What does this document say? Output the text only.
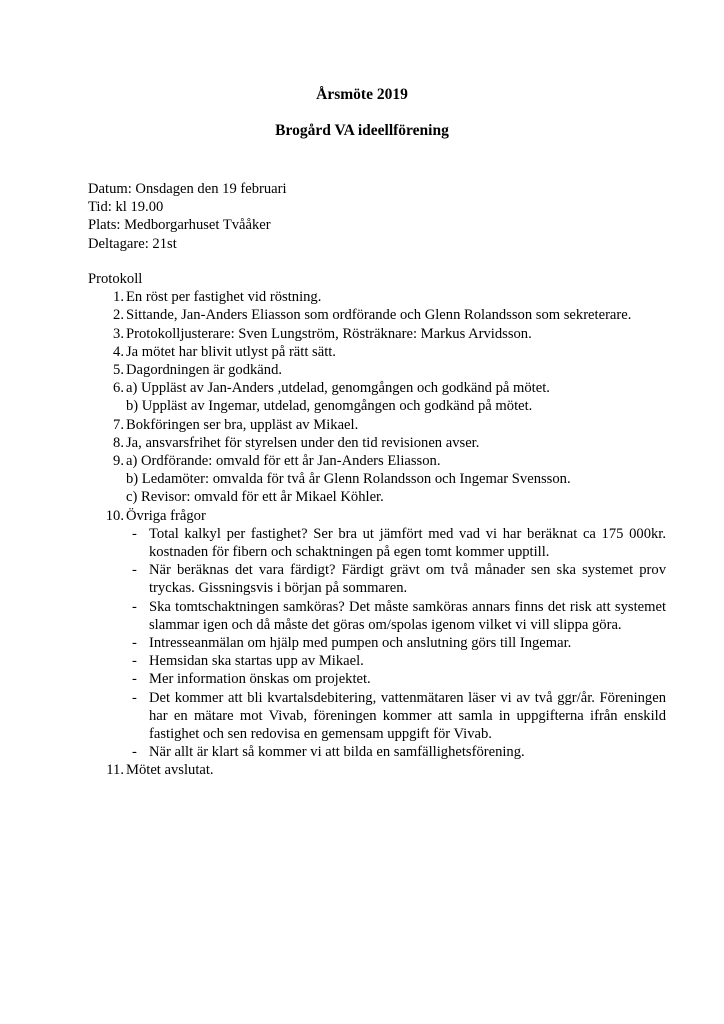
Årsmöte 2019
Brogård VA ideellförening
Datum: Onsdagen den 19 februari
Tid: kl 19.00
Plats: Medborgarhuset Tvååker
Deltagare: 21st
Protokoll
1. En röst per fastighet vid röstning.
2. Sittande, Jan-Anders Eliasson som ordförande och Glenn Rolandsson som sekreterare.
3. Protokolljusterare: Sven Lungström, Rösträknare: Markus Arvidsson.
4. Ja mötet har blivit utlyst på rätt sätt.
5. Dagordningen är godkänd.
6. a) Uppläst av Jan-Anders ,utdelad, genomgången och godkänd på mötet.
b) Uppläst av Ingemar, utdelad, genomgången och godkänd på mötet.
7. Bokföringen ser bra, uppläst av Mikael.
8. Ja, ansvarsfrihet för styrelsen under den tid revisionen avser.
9. a) Ordförande: omvald för ett år Jan-Anders Eliasson.
b) Ledamöter: omvalda för två år Glenn Rolandsson och Ingemar Svensson.
c) Revisor: omvald för ett år Mikael Köhler.
10. Övriga frågor
- Total kalkyl per fastighet? Ser bra ut jämfört med vad vi har beräknat ca 175 000kr. kostnaden för fibern och schaktningen på egen tomt kommer upptill.
- När beräknas det vara färdigt? Färdigt grävt om två månader sen ska systemet prov tryckas. Gissningsvis i början på sommaren.
- Ska tomtschaktningen samköras? Det måste samköras annars finns det risk att systemet slammar igen och då måste det göras om/spolas igenom vilket vi vill slippa göra.
- Intresseanmälan om hjälp med pumpen och anslutning görs till Ingemar.
- Hemsidan ska startas upp av Mikael.
- Mer information önskas om projektet.
- Det kommer att bli kvartalsdebitering, vattenmätaren läser vi av två ggr/år. Föreningen har en mätare mot Vivab, föreningen kommer att samla in uppgifterna ifrån enskild fastighet och sen redovisa en gemensam uppgift för Vivab.
- När allt är klart så kommer vi att bilda en samfällighetsförening.
11. Mötet avslutat.
